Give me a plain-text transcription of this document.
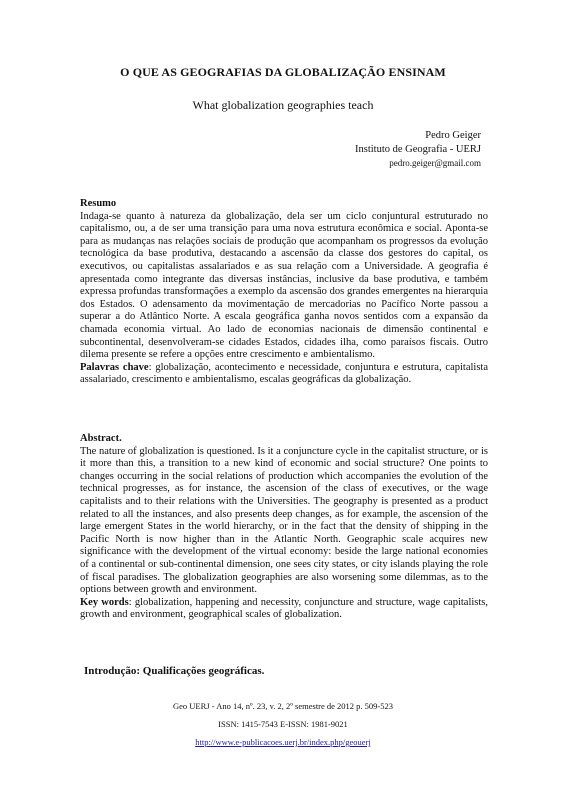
O QUE AS GEOGRAFIAS DA GLOBALIZAÇÃO ENSINAM
What globalization geographies teach
Pedro Geiger
Instituto de Geografia - UERJ
pedro.geiger@gmail.com
Resumo

Indaga-se quanto à natureza da globalização, dela ser um ciclo conjuntural estruturado no capitalismo, ou, a de ser uma transição para uma nova estrutura econômica e social. Aponta-se para as mudanças nas relações sociais de produção que acompanham os progressos da evolução tecnológica da base produtiva, destacando a ascensão da classe dos gestores do capital, os executivos, ou capitalistas assalariados e as sua relação com a Universidade. A geografia é apresentada como integrante das diversas instâncias, inclusive da base produtiva, e também expressa profundas transformações a exemplo da ascensão dos grandes emergentes na hierarquia dos Estados. O adensamento da movimentação de mercadorias no Pacífico Norte passou a superar a do Atlântico Norte. A escala geográfica ganha novos sentidos com a expansão da chamada economia virtual. Ao lado de economias nacionais de dimensão continental e subcontinental, desenvolveram-se cidades Estados, cidades ilha, como paraísos fiscais. Outro dilema presente se refere a opções entre crescimento e ambientalismo.

Palavras chave: globalização, acontecimento e necessidade, conjuntura e estrutura, capitalista assalariado, crescimento e ambientalismo, escalas geográficas da globalização.

Abstract.

The nature of globalization is questioned. Is it a conjuncture cycle in the capitalist structure, or is it more than this, a transition to a new kind of economic and social structure? One points to changes occurring in the social relations of production which accompanies the evolution of the technical progresses, as for instance, the ascension of the class of executives, or the wage capitalists and to their relations with the Universities. The geography is presented as a product related to all the instances, and also presents deep changes, as for example, the ascension of the large emergent States in the world hierarchy, or in the fact that the density of shipping in the Pacific North is now higher than in the Atlantic North. Geographic scale acquires new significance with the development of the virtual economy: beside the large national economies of a continental or sub-continental dimension, one sees city states, or city islands playing the role of fiscal paradises. The globalization geographies are also worsening some dilemmas, as to the options between growth and environment.

Key words: globalization, happening and necessity, conjuncture and structure, wage capitalists, growth and environment, geographical scales of globalization.

Introdução: Qualificações geográficas.
Geo UERJ - Ano 14, nº. 23, v. 2, 2º semestre de 2012 p. 509-523
ISSN: 1415-7543 E-ISSN: 1981-9021
http://www.e-publicacoes.uerj.br/index.php/geouerj
